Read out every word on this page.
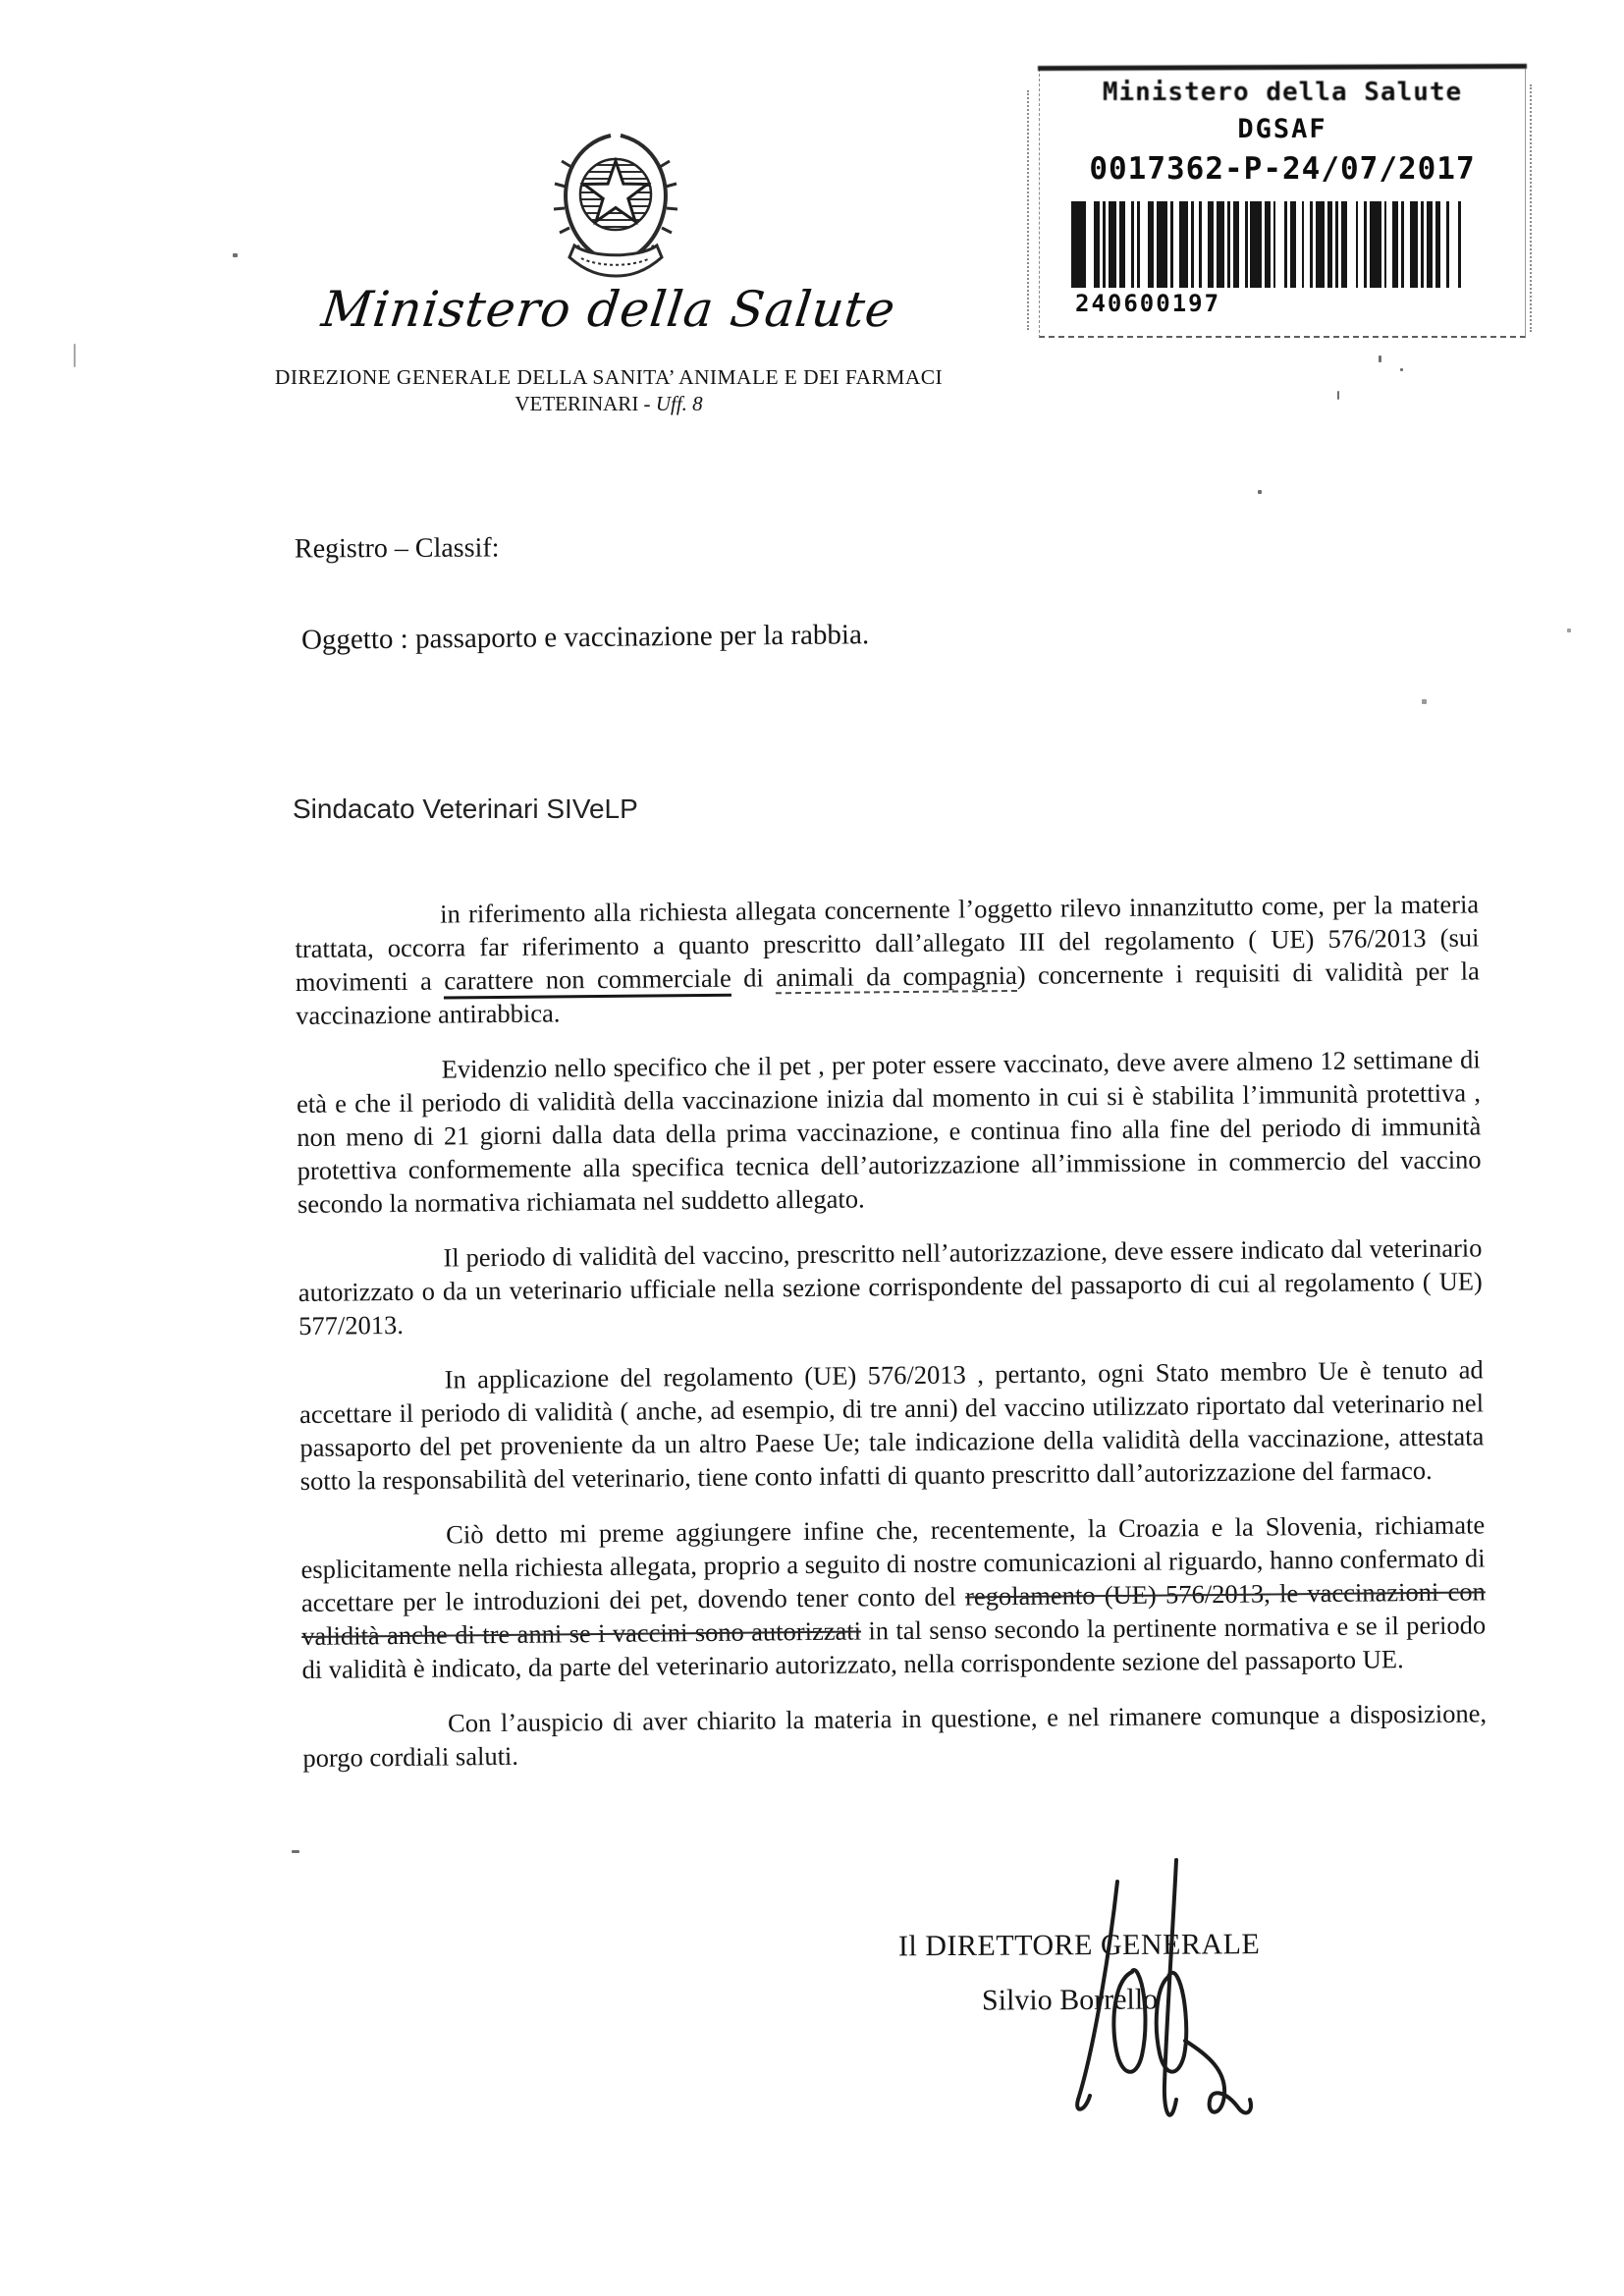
Ministero della Salute
DGSAF
0017362-P-24/07/2017
240600197
Ministero della Salute
DIREZIONE GENERALE DELLA SANITA’ ANIMALE E DEI FARMACI
VETERINARI - Uff. 8
Registro – Classif:
Oggetto : passaporto e vaccinazione per la rabbia.
Sindacato Veterinari SIVeLP

in riferimento alla richiesta allegata concernente l’oggetto rilevo innanzitutto come, per la materia trattata, occorra far riferimento a quanto prescritto dall’allegato III del regolamento ( UE) 576/2013 (sui movimenti a carattere non commerciale di animali da compagnia) concernente i requisiti di validità per la vaccinazione antirabbica.

Evidenzio nello specifico che il pet , per poter essere vaccinato, deve avere almeno 12 settimane di età e che il periodo di validità della vaccinazione inizia dal momento in cui si è stabilita l’immunità protettiva , non meno di 21 giorni dalla data della prima vaccinazione, e continua fino alla fine del periodo di immunità protettiva conformemente alla specifica tecnica dell’autorizzazione all’immissione in commercio del vaccino secondo la normativa richiamata nel suddetto allegato.

Il periodo di validità del vaccino, prescritto nell’autorizzazione, deve essere indicato dal veterinario autorizzato o da un veterinario ufficiale nella sezione corrispondente del passaporto di cui al regolamento ( UE) 577/2013.

In applicazione del regolamento (UE) 576/2013 , pertanto, ogni Stato membro Ue è tenuto ad accettare il periodo di validità ( anche, ad esempio, di tre anni) del vaccino utilizzato riportato dal veterinario nel passaporto del pet proveniente da un altro Paese Ue; tale indicazione della validità della vaccinazione, attestata sotto la responsabilità del veterinario, tiene conto infatti di quanto prescritto dall’autorizzazione del farmaco.

Ciò detto mi preme aggiungere infine che, recentemente, la Croazia e la Slovenia, richiamate esplicitamente nella richiesta allegata, proprio a seguito di nostre comunicazioni al riguardo, hanno confermato di accettare per le introduzioni dei pet, dovendo tener conto del regolamento (UE) 576/2013, le vaccinazioni con validità anche di tre anni se i vaccini sono autorizzati in tal senso secondo la pertinente normativa e se il periodo di validità è indicato, da parte del veterinario autorizzato, nella corrispondente sezione del passaporto UE.

Con l’auspicio di aver chiarito la materia in questione, e nel rimanere comunque a disposizione, porgo cordiali saluti.

Il DIRETTORE GENERALE
Silvio Borrello
